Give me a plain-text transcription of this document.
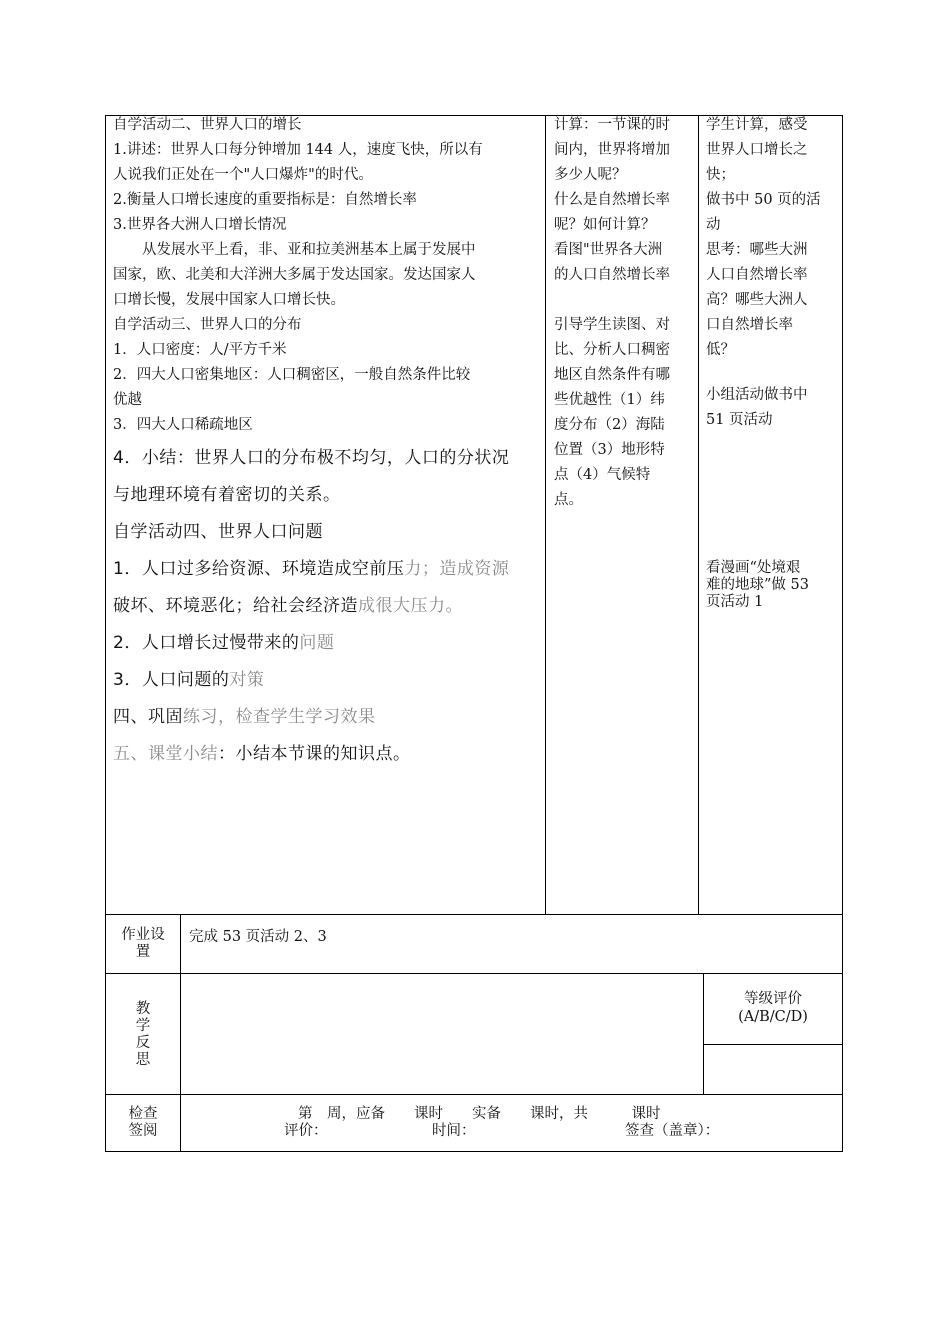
自学活动二、世界人口的增长

1.讲述：世界人口每分钟增加 144 人，速度飞快，所以有

人说我们正处在一个"人口爆炸"的时代。

2.衡量人口增长速度的重要指标是：自然增长率

3.世界各大洲人口增长情况

从发展水平上看，非、亚和拉美洲基本上属于发展中

国家，欧、北美和大洋洲大多属于发达国家。发达国家人

口增长慢，发展中国家人口增长快。

自学活动三、世界人口的分布

1．人口密度：人/平方千米

2．四大人口密集地区：人口稠密区，一般自然条件比较

优越

3．四大人口稀疏地区

4．小结：世界人口的分布极不均匀，人口的分状况

与地理环境有着密切的关系。

自学活动四、世界人口问题

1．人口过多给资源、环境造成空前压力；造成资源

破坏、环境恶化；给社会经济造成很大压力。

2．人口增长过慢带来的问题

3．人口问题的对策

四、巩固练习，检查学生学习效果

五、课堂小结：小结本节课的知识点。

计算：一节课的时

间内，世界将增加

多少人呢？

什么是自然增长率

呢？如何计算？

看图"世界各大洲

的人口自然增长率

引导学生读图、对

比、分析人口稠密

地区自然条件有哪

些优越性（1）纬

度分布（2）海陆

位置（3）地形特

点（4）气候特

点。

学生计算，感受

世界人口增长之

快；

做书中 50 页的活

动

思考：哪些大洲

人口自然增长率

高？哪些大洲人

口自然增长率

低？

小组活动做书中

51 页活动

看漫画“处境艰

难的地球”做 53

页活动 1

作业设

置

完成 53 页活动 2、3

教

学

反

思

等级评价

(A/B/C/D)

检查

签阅

第　周，应备　　课时　　实备　　课时，共　　　课时

评价：	时间：	签查（盖章）：
